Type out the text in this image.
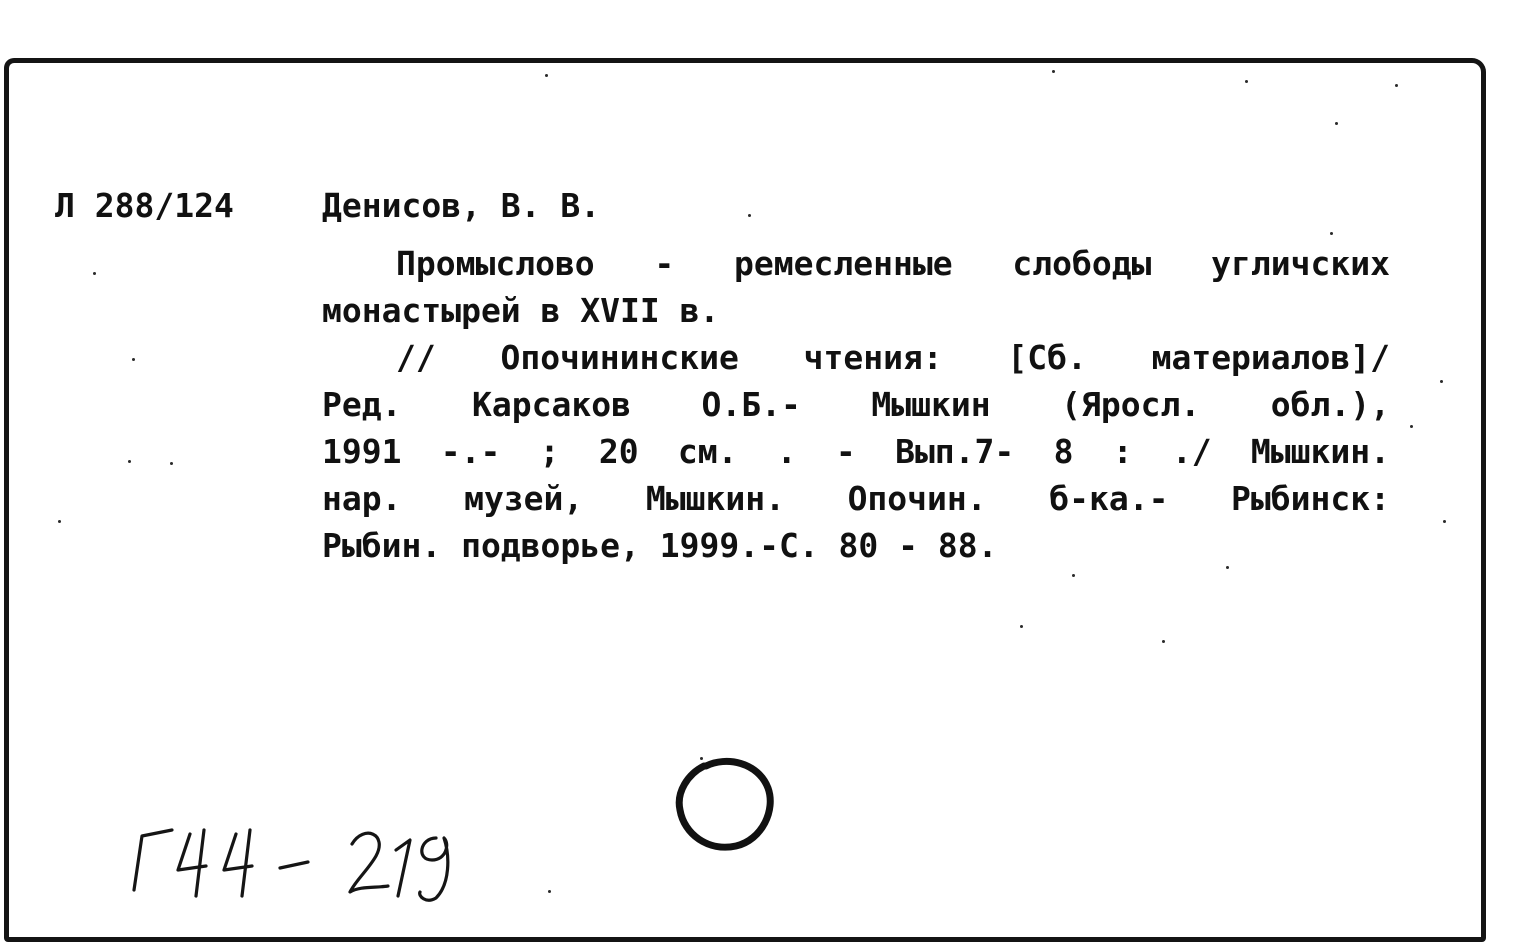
Л 288/124	Денисов, В. В.
Промыслово - ремесленные слободы угличских
монастырей в XVII в.
// Опочининские чтения: [Сб. материалов]/
Ред. Карсаков О.Б.- Мышкин (Яросл. обл.),
1991 -.- ; 20 см. . - Вып.7- 8 : ./ Мышкин.
нар. музей, Мышкин. Опочин. б-ка.- Рыбинск:
Рыбин. подворье, 1999.-С. 80 - 88.
